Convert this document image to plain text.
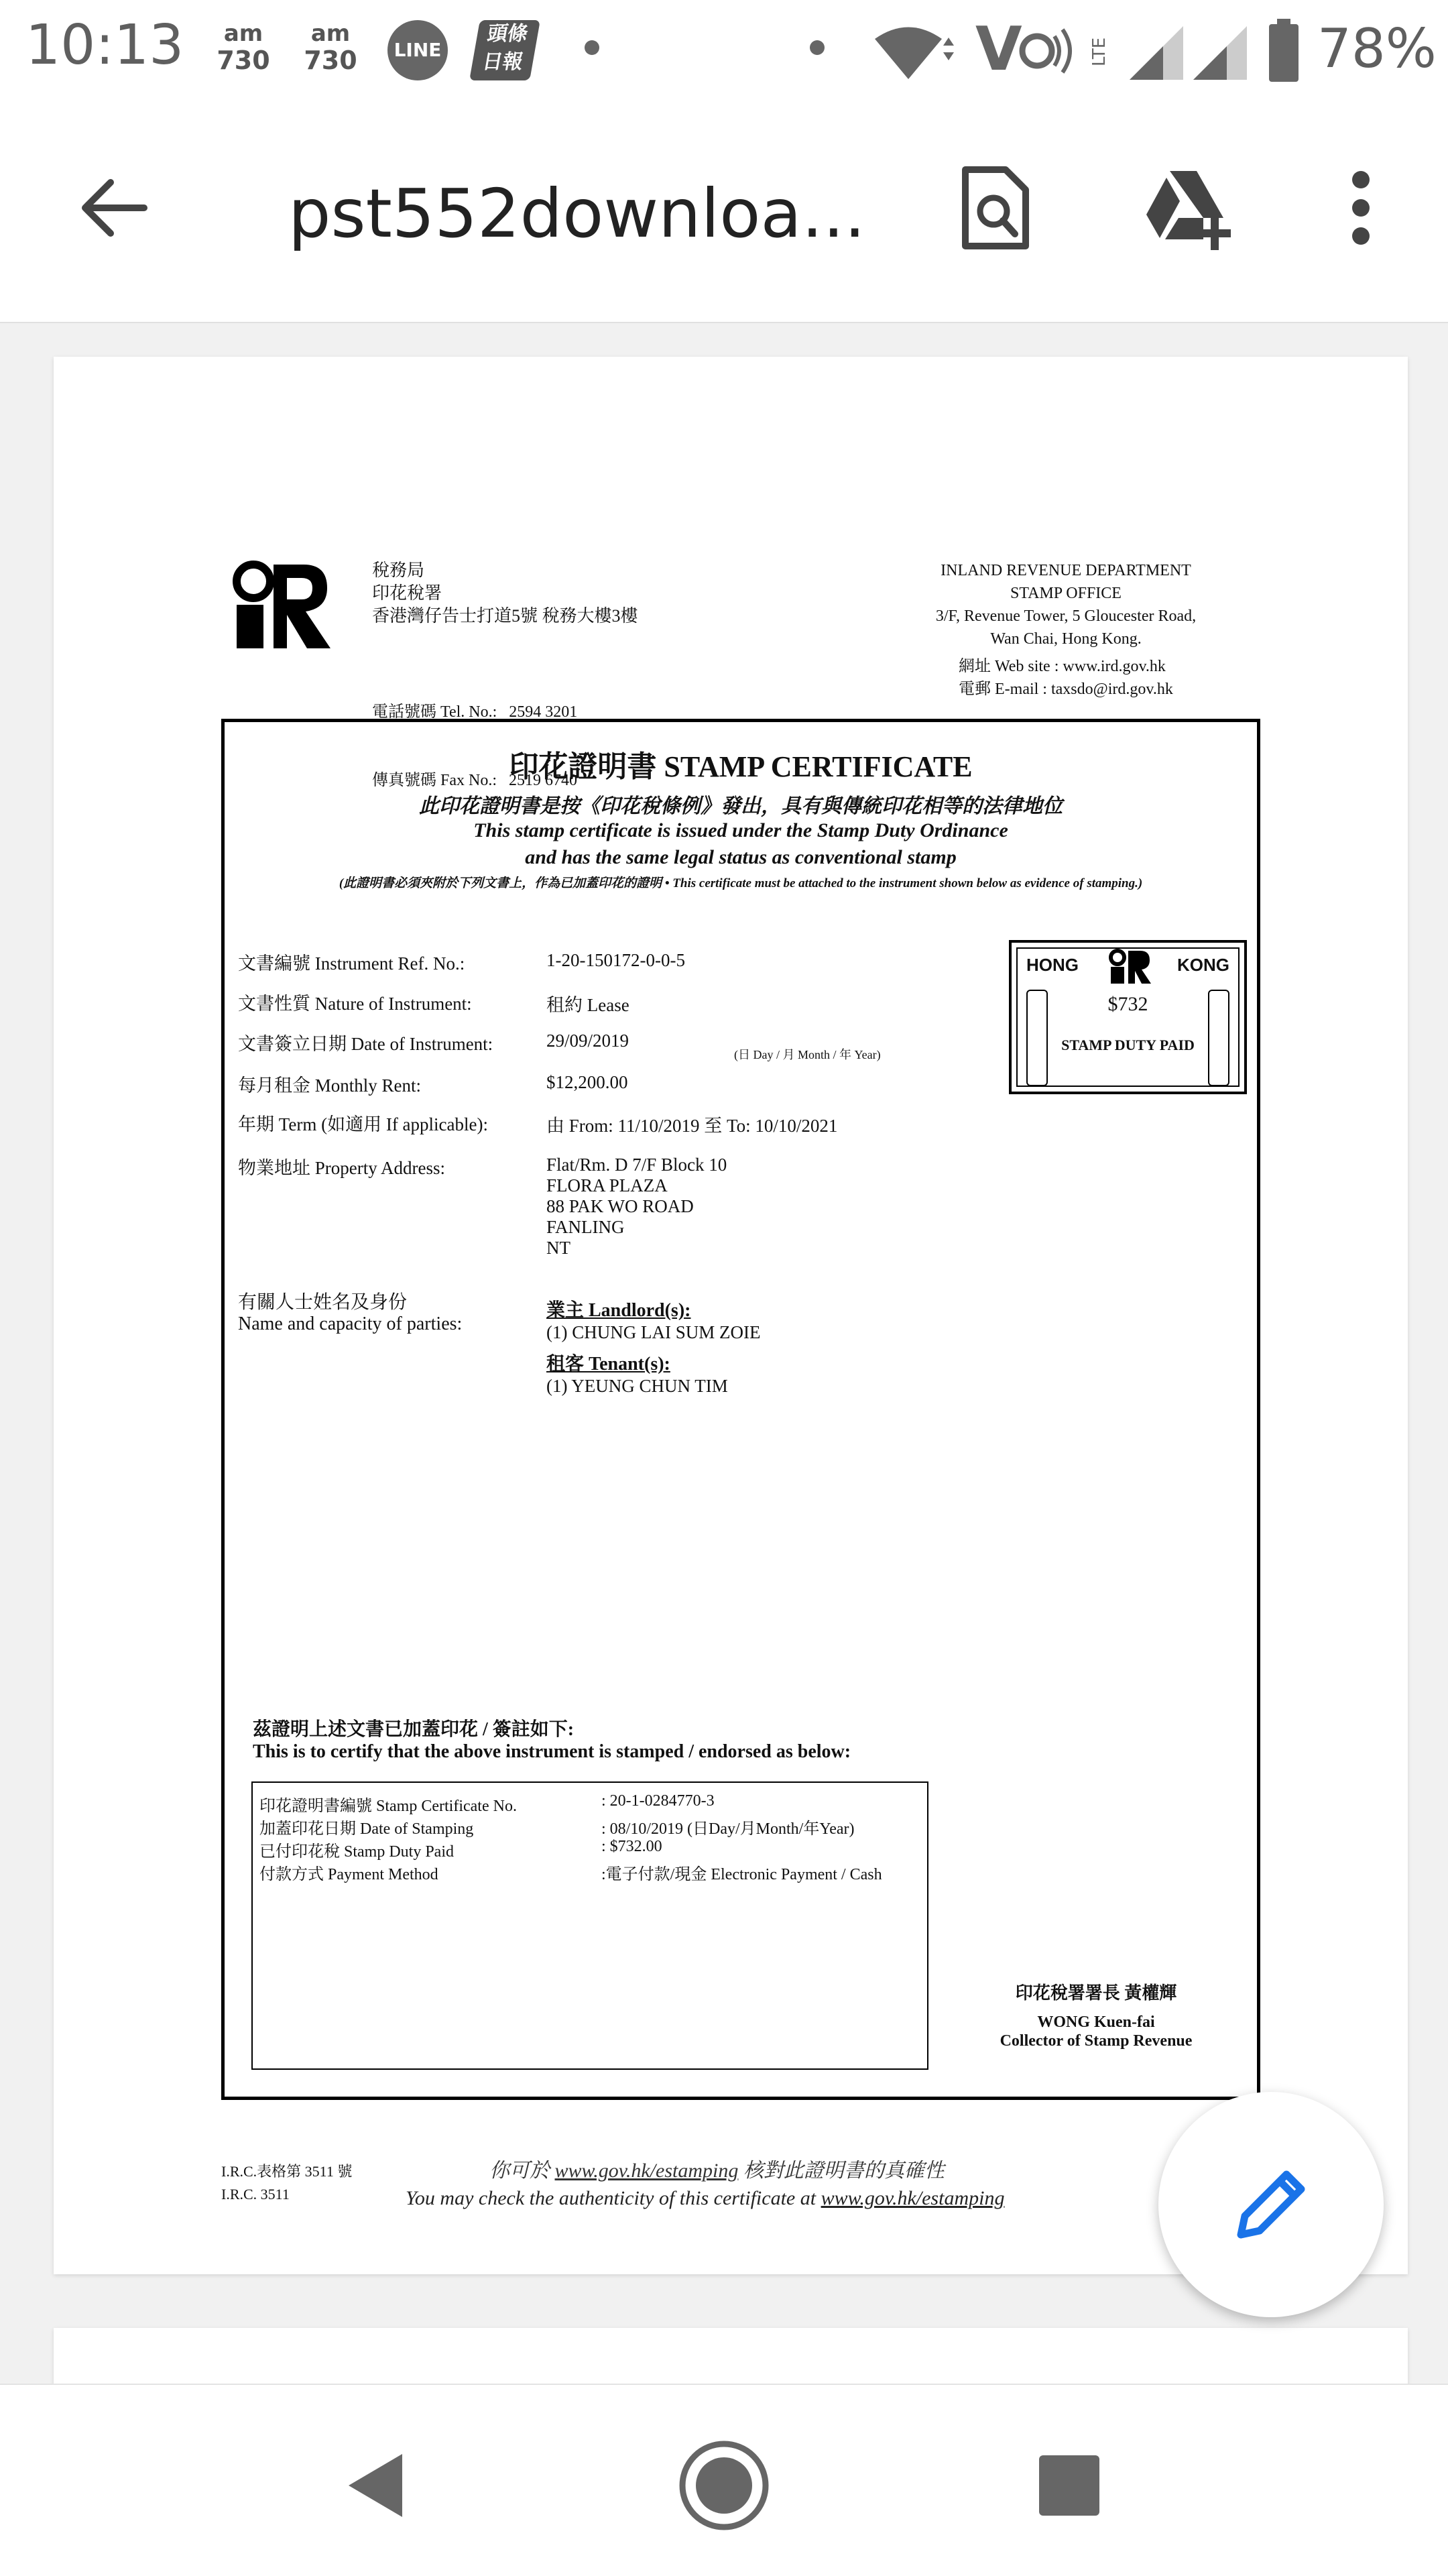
10:13	am
730
am
730	LINE
頭條
日報	V	LTE	78%
pst552downloa...
稅務局
印花稅署
香港灣仔告士打道5號 稅務大樓3樓

電話號碼 Tel. No.:   2594 3201

傳真號碼 Fax No.:   2519 6740

INLAND REVENUE DEPARTMENT
STAMP OFFICE
3/F, Revenue Tower, 5 Gloucester Road,
Wan Chai, Hong Kong.
網址 Web site : www.ird.gov.hk
電郵 E-mail : taxsdo@ird.gov.hk
印花證明書 STAMP CERTIFICATE
此印花證明書是按《印花稅條例》發出，具有與傳統印花相等的法律地位
This stamp certificate is issued under the Stamp Duty Ordinance
and has the same legal status as conventional stamp
(此證明書必須夾附於下列文書上，作為已加蓋印花的證明 • This certificate must be attached to the instrument shown below as evidence of stamping.)
文書編號 Instrument Ref. No.:	1-20-150172-0-0-5
文書性質 Nature of Instrument:	租約 Lease
文書簽立日期 Date of Instrument:	29/09/2019
(日 Day / 月 Month / 年 Year)
每月租金 Monthly Rent:	$12,200.00
年期 Term (如適用 If applicable):	由 From: 11/10/2019 至 To: 10/10/2021
物業地址 Property Address:	Flat/Rm. D 7/F Block 10
FLORA PLAZA
88 PAK WO ROAD
FANLING
NT
HONG	KONG
$732
STAMP DUTY PAID
有關人士姓名及身份
Name and capacity of parties:
業主 Landlord(s):
(1) CHUNG LAI SUM ZOIE
租客 Tenant(s):
(1) YEUNG CHUN TIM
茲證明上述文書已加蓋印花 / 簽註如下:
This is to certify that the above instrument is stamped / endorsed as below:
印花證明書編號 Stamp Certificate No.	: 20-1-0284770-3
加蓋印花日期 Date of Stamping	: 08/10/2019 (日Day/月Month/年Year)
已付印花稅 Stamp Duty Paid	: $732.00
付款方式 Payment Method	:電子付款/現金 Electronic Payment / Cash
印花稅署署長 黃權輝
WONG Kuen-fai
Collector of Stamp Revenue
I.R.C.表格第 3511 號
I.R.C. 3511
你可於 www.gov.hk/estamping 核對此證明書的真確性
You may check the authenticity of this certificate at www.gov.hk/estamping
